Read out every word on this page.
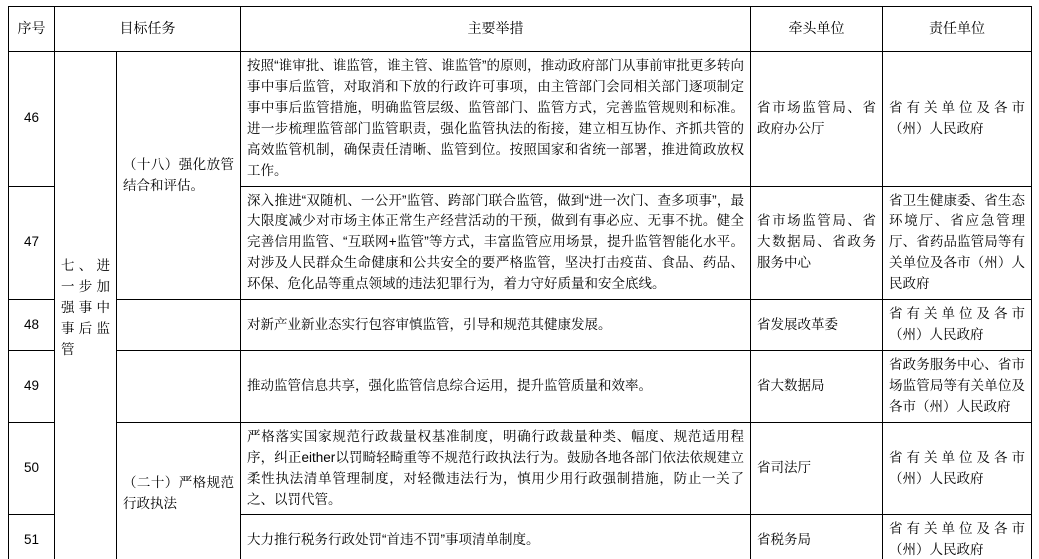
序号	目标任务		主要举措	牵头单位	责任单位
46	七、进一步加强事中事后监管	（十八）强化放管结合和评估。	按照“谁审批、谁监管，谁主管、谁监管”的原则，推动政府部门从事前审批更多转向事中事后监管，对取消和下放的行政许可事项，由主管部门会同相关部门逐项制定事中事后监管措施，明确监管层级、监管部门、监管方式，完善监管规则和标准。进一步梳理监管部门监管职责，强化监管执法的衔接，建立相互协作、齐抓共管的高效监管机制，确保责任清晰、监管到位。按照国家和省统一部署，推进简政放权工作。	省市场监管局、省政府办公厅	省有关单位及各市（州）人民政府
47			深入推进“双随机、一公开”监管、跨部门联合监管，做到“进一次门、查多项事”，最大限度减少对市场主体正常生产经营活动的干预，做到有事必应、无事不扰。健全完善信用监管、“互联网+监管”等方式，丰富监管应用场景，提升监管智能化水平。对涉及人民群众生命健康和公共安全的要严格监管，坚决打击疫苗、食品、药品、环保、危化品等重点领域的违法犯罪行为，着力守好质量和安全底线。	省市场监管局、省大数据局、省政务服务中心	省卫生健康委、省生态环境厅、省应急管理厅、省药品监管局等有关单位及各市（州）人民政府
48			对新产业新业态实行包容审慎监管，引导和规范其健康发展。	省发展改革委	省有关单位及各市（州）人民政府
49			推动监管信息共享，强化监管信息综合运用，提升监管质量和效率。	省大数据局	省政务服务中心、省市场监管局等有关单位及各市（州）人民政府
50		（二十）严格规范行政执法	严格落实国家规范行政裁量权基准制度，明确行政裁量种类、幅度、规范适用程序，纠正either以罚畸轻畸重等不规范行政执法行为。鼓励各地各部门依法依规建立柔性执法清单管理制度，对轻微违法行为，慎用少用行政强制措施，防止一关了之、以罚代管。	省司法厅	省有关单位及各市（州）人民政府
51			大力推行税务行政处罚“首违不罚”事项清单制度。	省税务局	省有关单位及各市（州）人民政府
